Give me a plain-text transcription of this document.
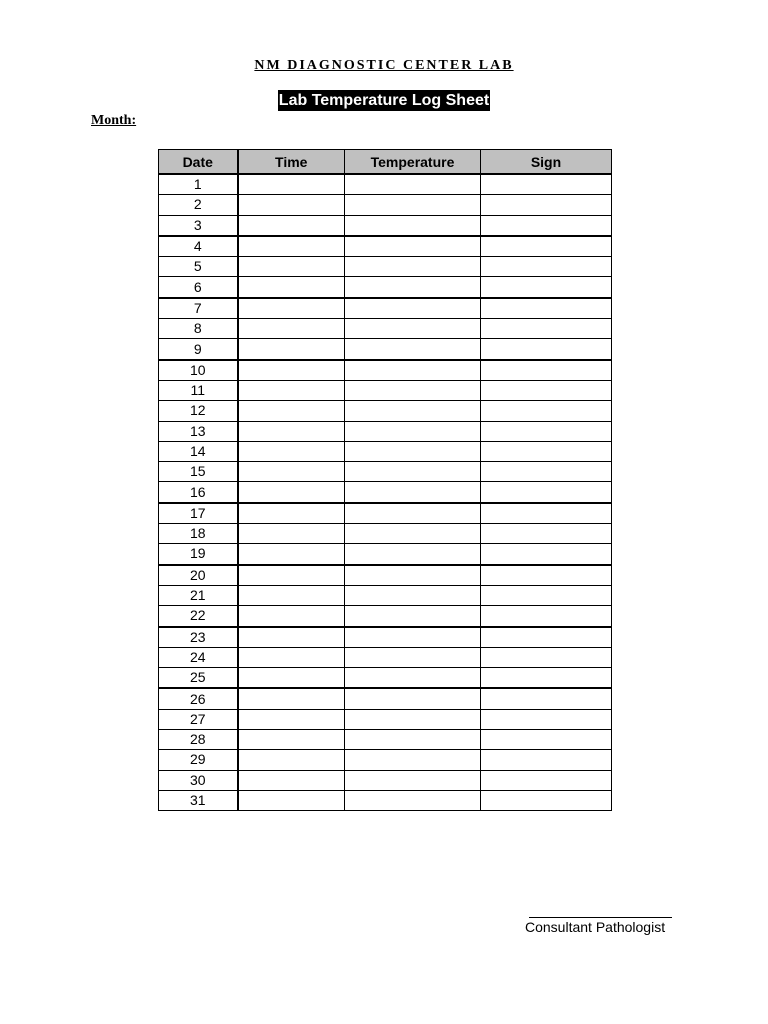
NM DIAGNOSTIC CENTER LAB
Lab Temperature Log Sheet
Month:
Date	Time	Temperature	Sign
1			
2			
3			
4			
5			
6			
7			
8			
9			
10			
11			
12			
13			
14			
15			
16			
17			
18			
19			
20			
21			
22			
23			
24			
25			
26			
27			
28			
29			
30			
31			
Consultant Pathologist
